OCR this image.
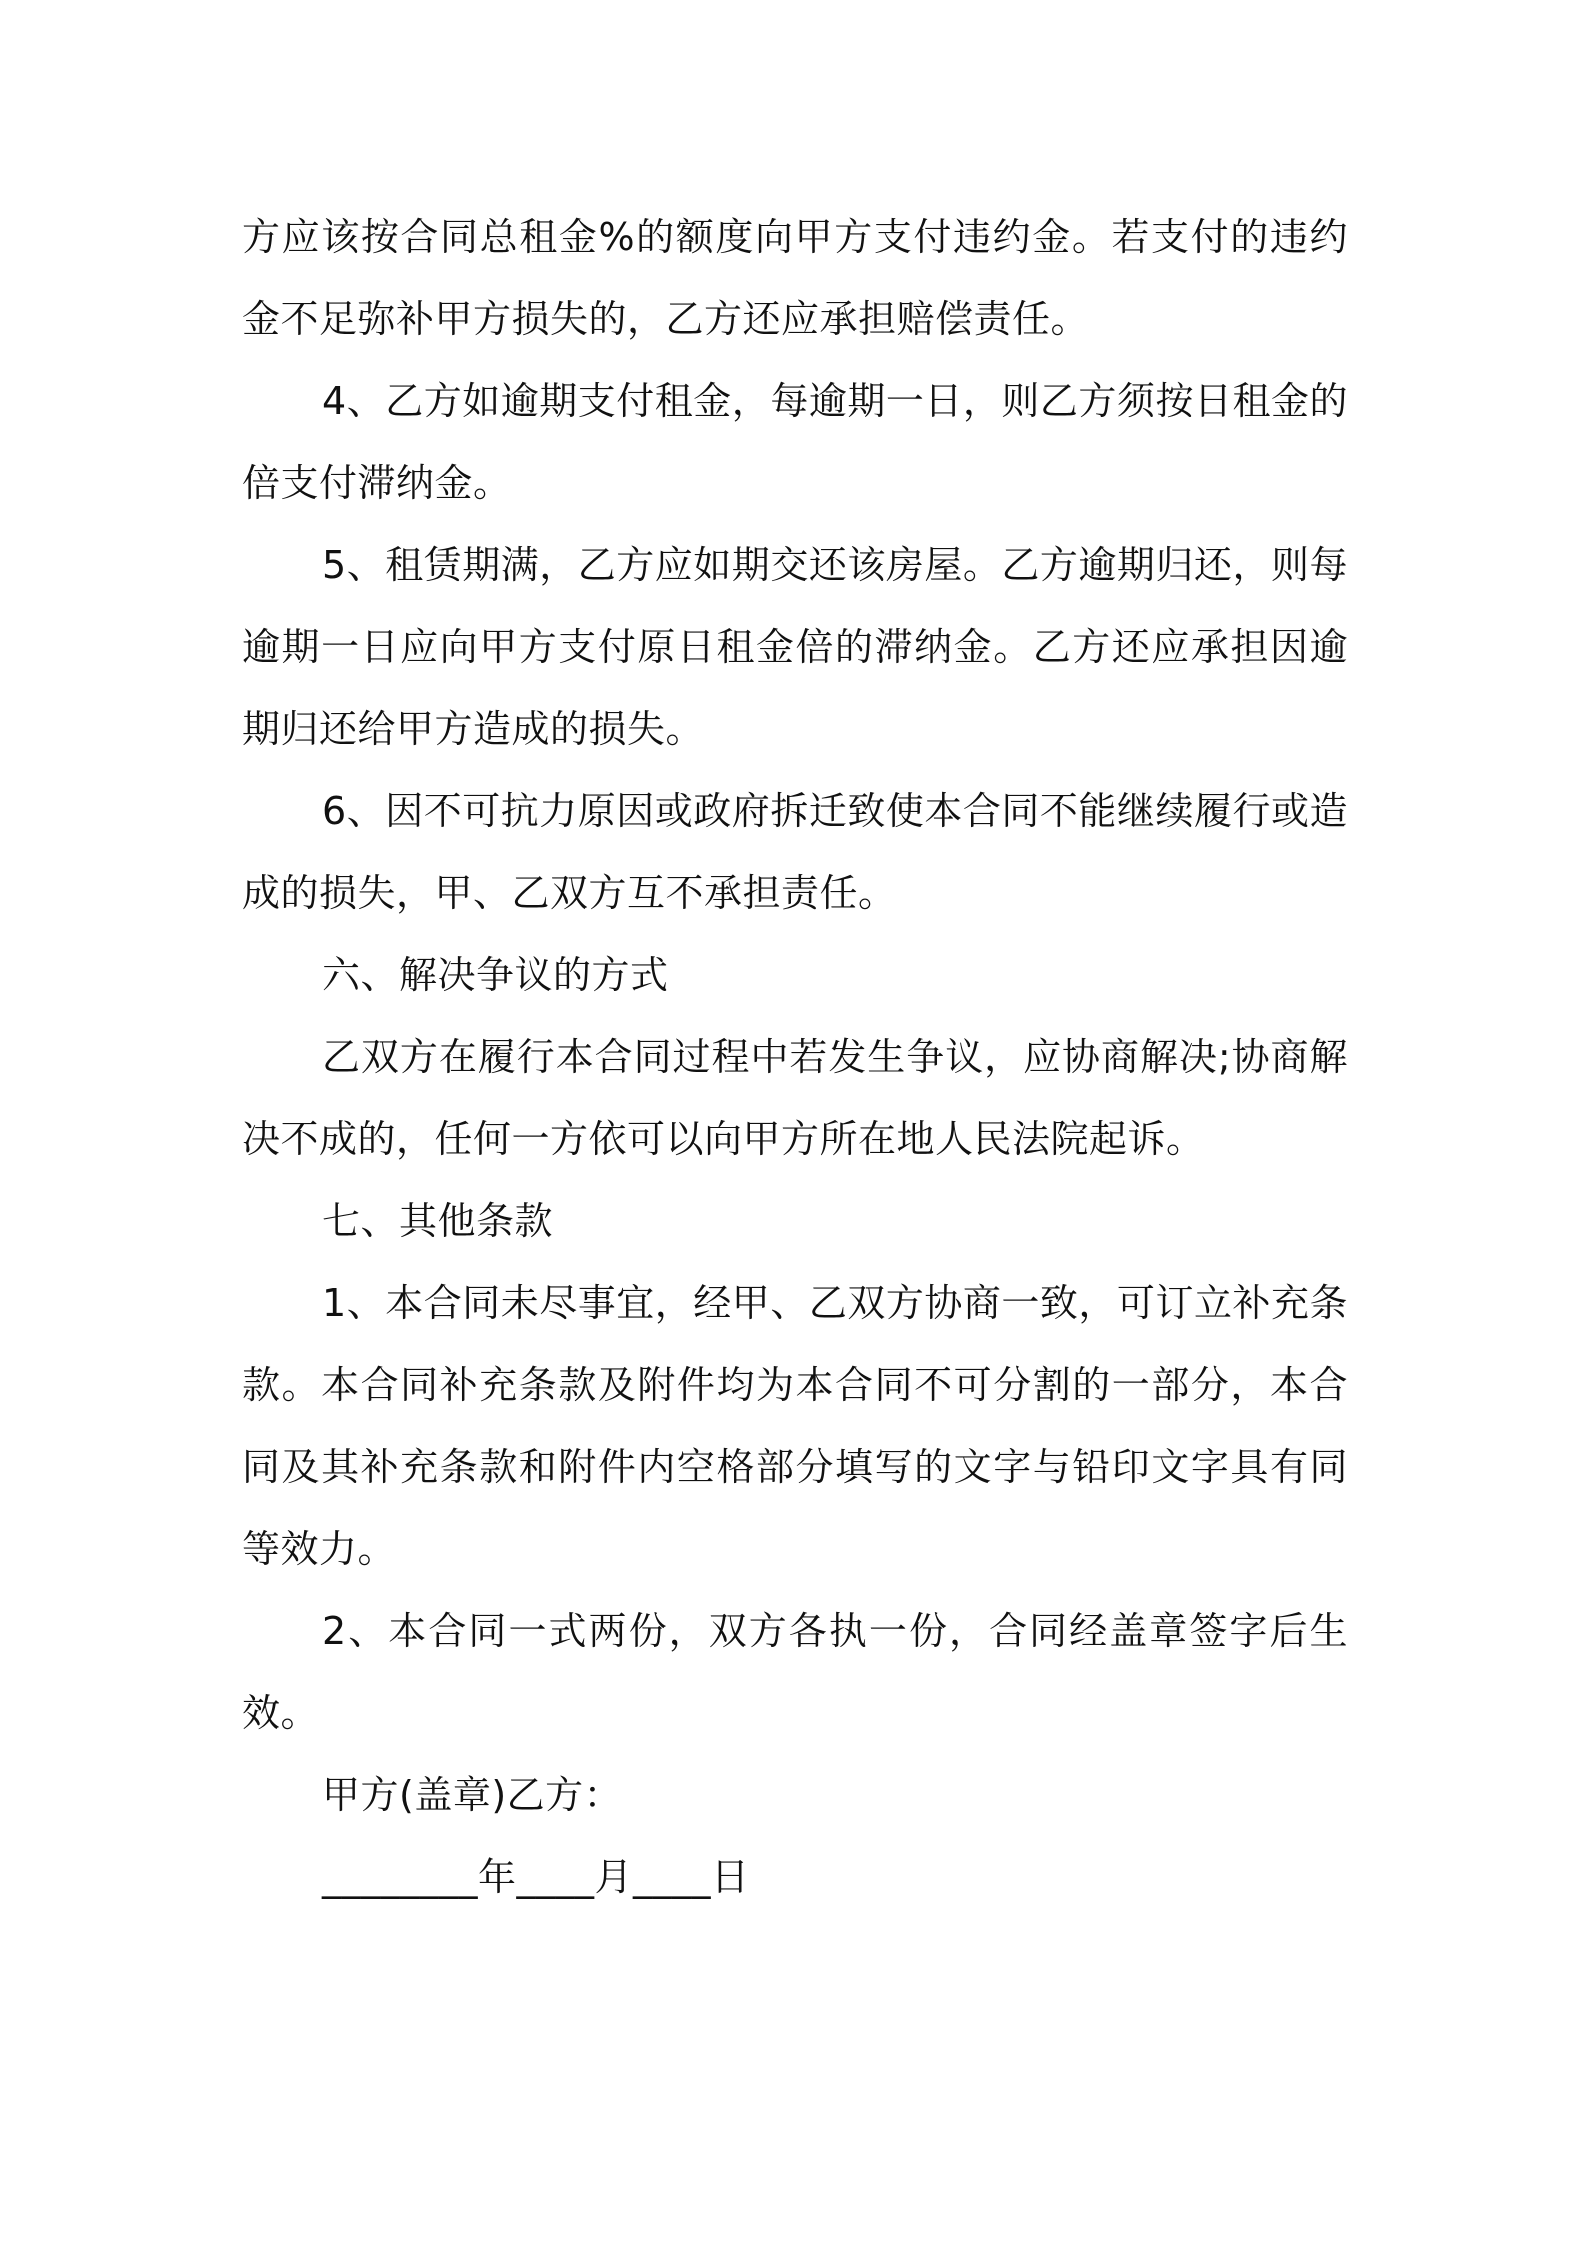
方应该按合同总租金%的额度向甲方支付违约金。若支付的违约金不足弥补甲方损失的，乙方还应承担赔偿责任。

4、乙方如逾期支付租金，每逾期一日，则乙方须按日租金的倍支付滞纳金。

5、租赁期满，乙方应如期交还该房屋。乙方逾期归还，则每逾期一日应向甲方支付原日租金倍的滞纳金。乙方还应承担因逾期归还给甲方造成的损失。

6、因不可抗力原因或政府拆迁致使本合同不能继续履行或造成的损失，甲、乙双方互不承担责任。

六、解决争议的方式

乙双方在履行本合同过程中若发生争议，应协商解决;协商解决不成的，任何一方依可以向甲方所在地人民法院起诉。

七、其他条款

1、本合同未尽事宜，经甲、乙双方协商一致，可订立补充条款。本合同补充条款及附件均为本合同不可分割的一部分，本合同及其补充条款和附件内空格部分填写的文字与铅印文字具有同等效力。

2、本合同一式两份，双方各执一份，合同经盖章签字后生效。

甲方(盖章)乙方：

________年____月____日
